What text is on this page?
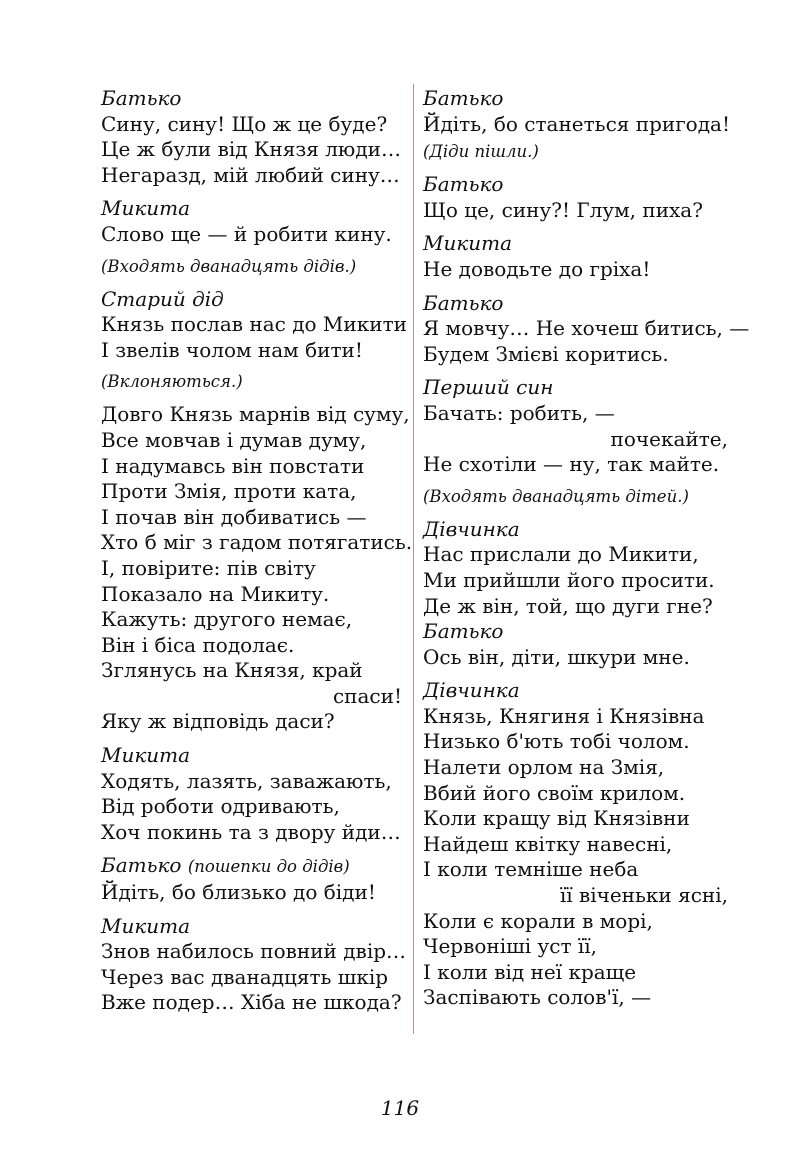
Батько
Сину, сину! Що ж це буде?
Це ж були від Князя люди…
Негаразд, мій любий сину…
Микита
Слово ще — й робити кину.
(Входять дванадцять дідів.)
Старий дід
Князь послав нас до Микити
І звелів чолом нам бити!
(Вклоняються.)
Довго Князь марнів від суму,
Все мовчав і думав думу,
І надумавсь він повстати
Проти Змія, проти ката,
І почав він добиватись —
Хто б міг з гадом потягатись.
І, повірите: пів світу
Показало на Микиту.
Кажуть: другого немає,
Він і біса подолає.
Зглянусь на Князя, край
спаси!
Яку ж відповідь даси?
Микита
Ходять, лазять, заважають,
Від роботи одривають,
Хоч покинь та з двору йди…
Батько (пошепки до дідів)
Йдіть, бо близько до біди!
Микита
Знов набилось повний двір…
Через вас дванадцять шкір
Вже подер… Хіба не шкода?
Батько
Йдіть, бо станеться пригода!
(Діди пішли.)
Батько
Що це, сину?! Глум, пиха?
Микита
Не доводьте до гріха!
Батько
Я мовчу… Не хочеш битись, —
Будем Змієві коритись.
Перший син
Бачать: робить, —
почекайте,
Не схотіли — ну, так майте.
(Входять дванадцять дітей.)
Дівчинка
Нас прислали до Микити,
Ми прийшли його просити.
Де ж він, той, що дуги гне?
Батько
Ось він, діти, шкури мне.
Дівчинка
Князь, Княгиня і Князівна
Низько б'ють тобі чолом.
Налети орлом на Змія,
Вбий його своїм крилом.
Коли кращу від Князівни
Найдеш квітку навесні,
І коли темніше неба
її віченьки ясні,
Коли є корали в морі,
Червоніші уст її,
І коли від неї краще
Заспівають солов'ї, —
116
